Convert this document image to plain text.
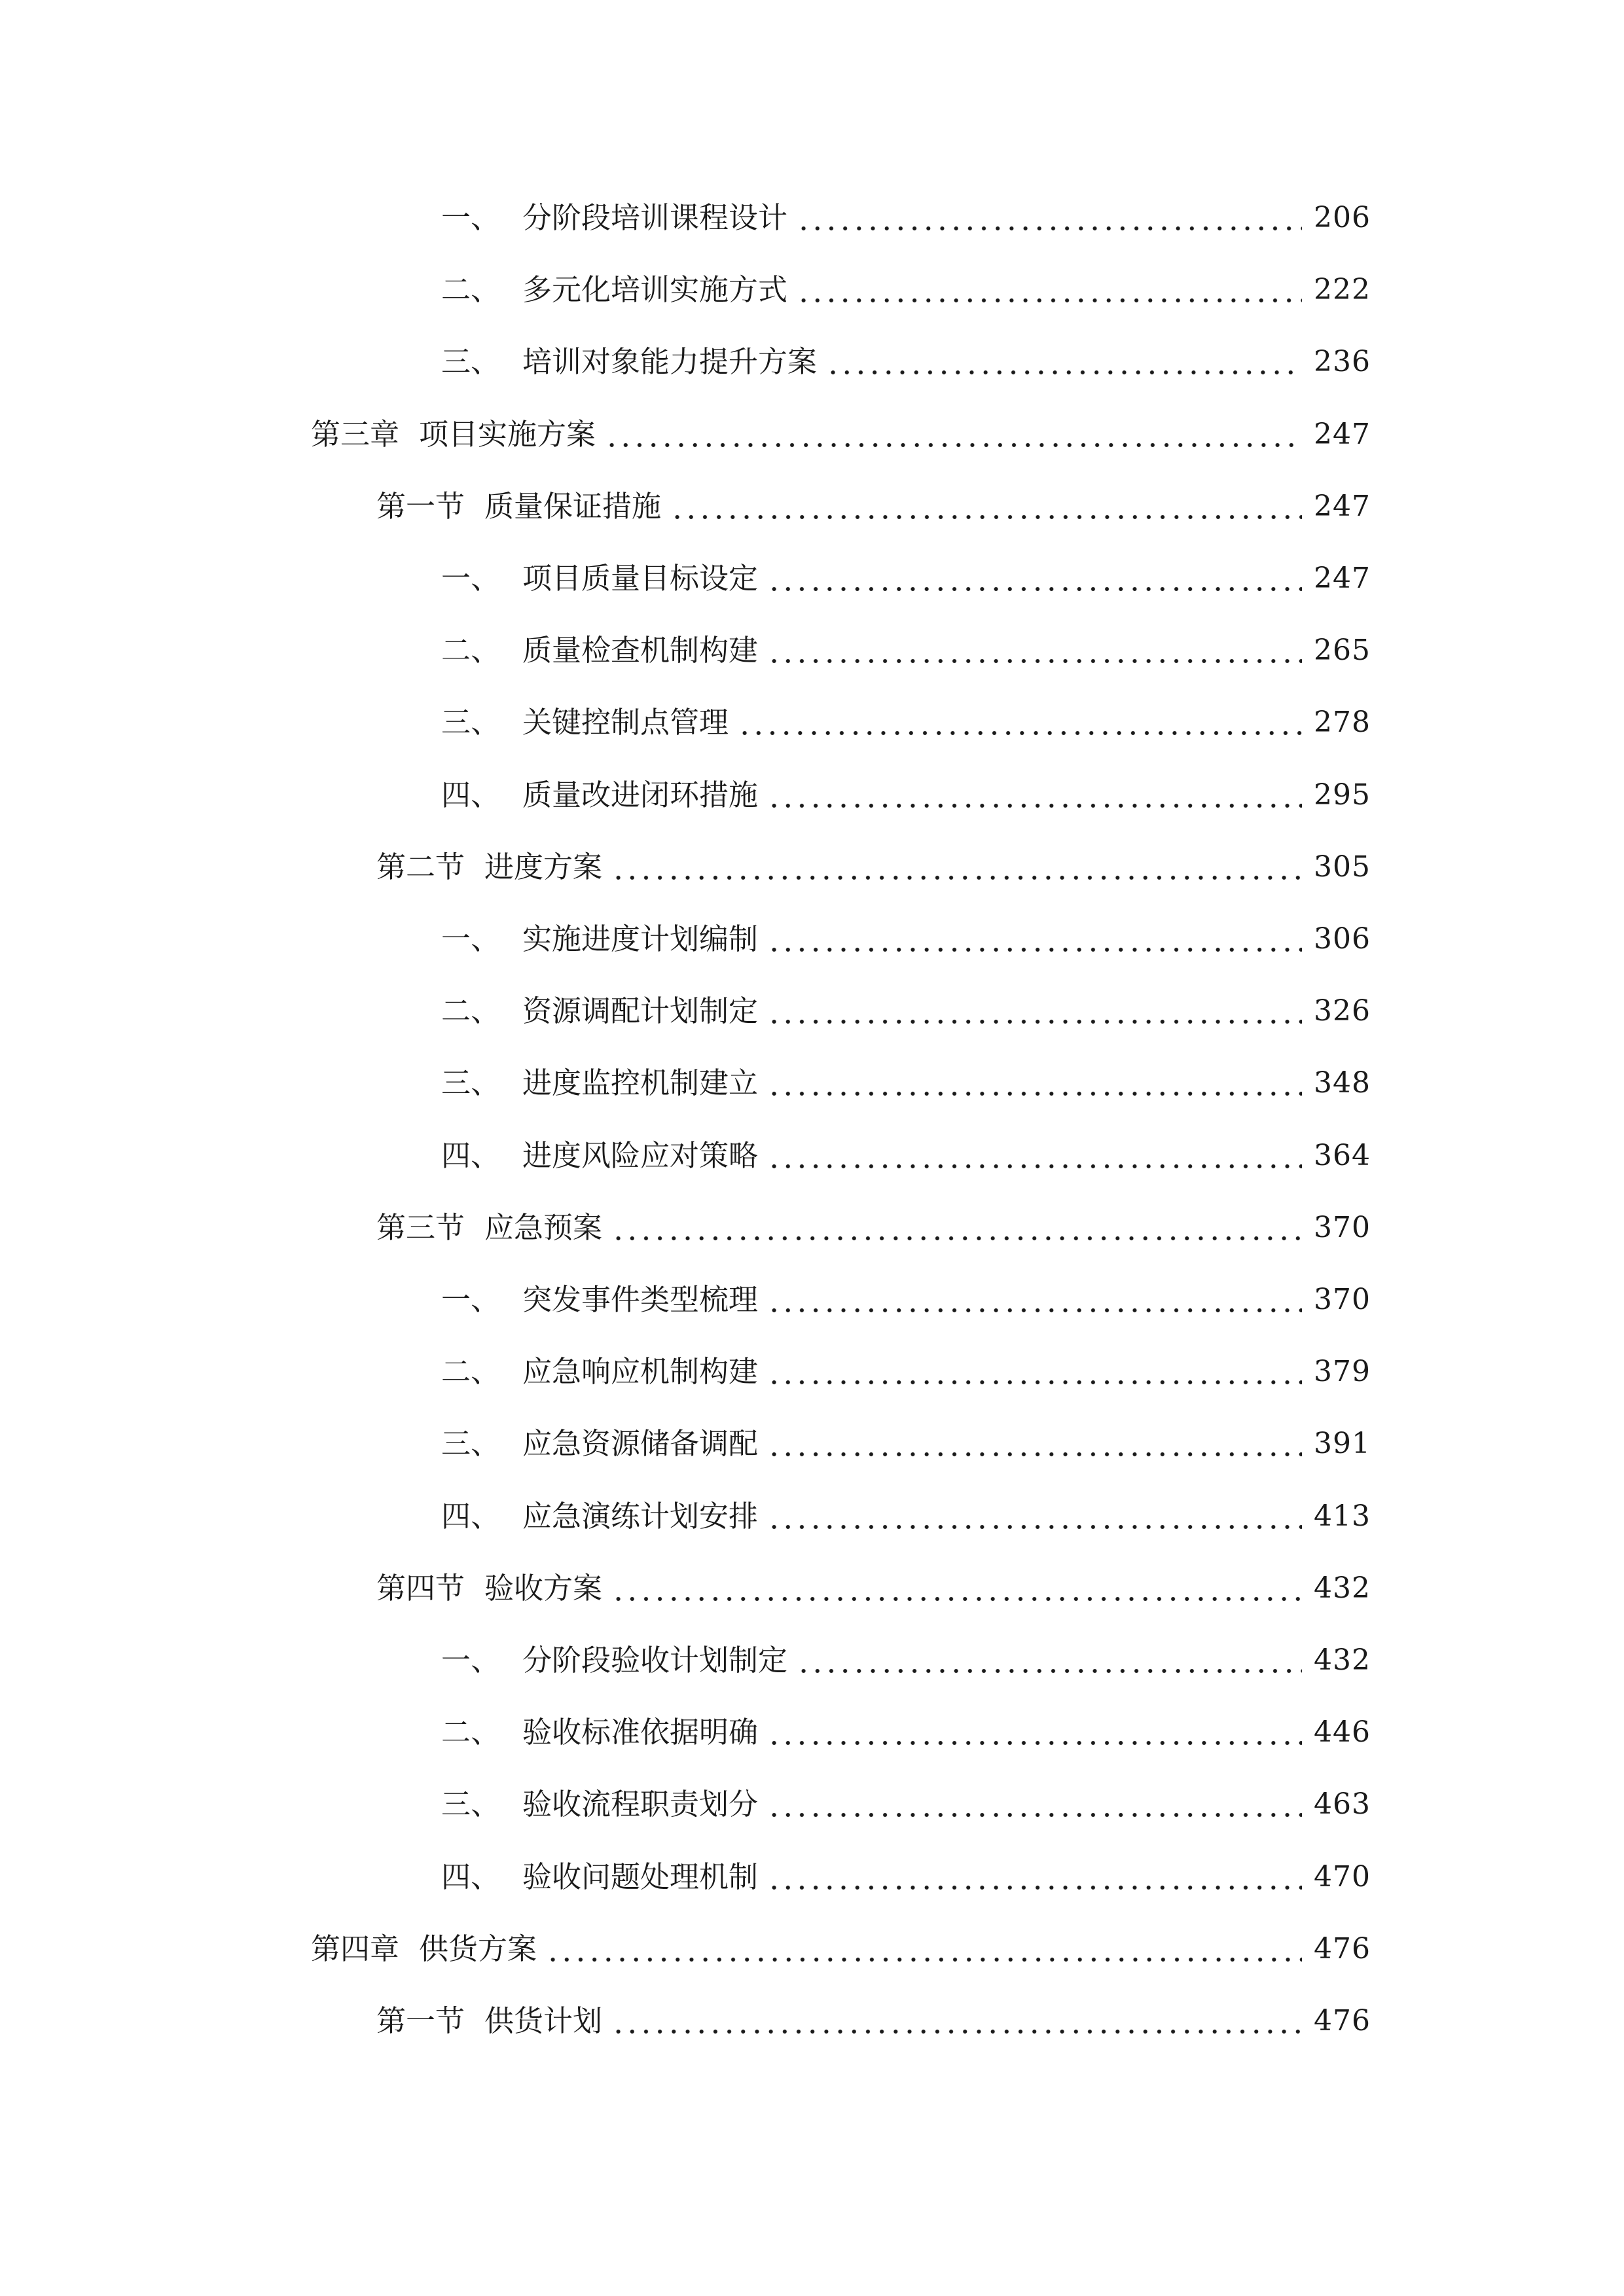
一、 分阶段培训课程设计	206
二、 多元化培训实施方式	222
三、 培训对象能力提升方案	236
第三章 项目实施方案	247
第一节 质量保证措施	247
一、 项目质量目标设定	247
二、 质量检查机制构建	265
三、 关键控制点管理	278
四、 质量改进闭环措施	295
第二节 进度方案	305
一、 实施进度计划编制	306
二、 资源调配计划制定	326
三、 进度监控机制建立	348
四、 进度风险应对策略	364
第三节 应急预案	370
一、 突发事件类型梳理	370
二、 应急响应机制构建	379
三、 应急资源储备调配	391
四、 应急演练计划安排	413
第四节 验收方案	432
一、 分阶段验收计划制定	432
二、 验收标准依据明确	446
三、 验收流程职责划分	463
四、 验收问题处理机制	470
第四章 供货方案	476
第一节 供货计划	476
